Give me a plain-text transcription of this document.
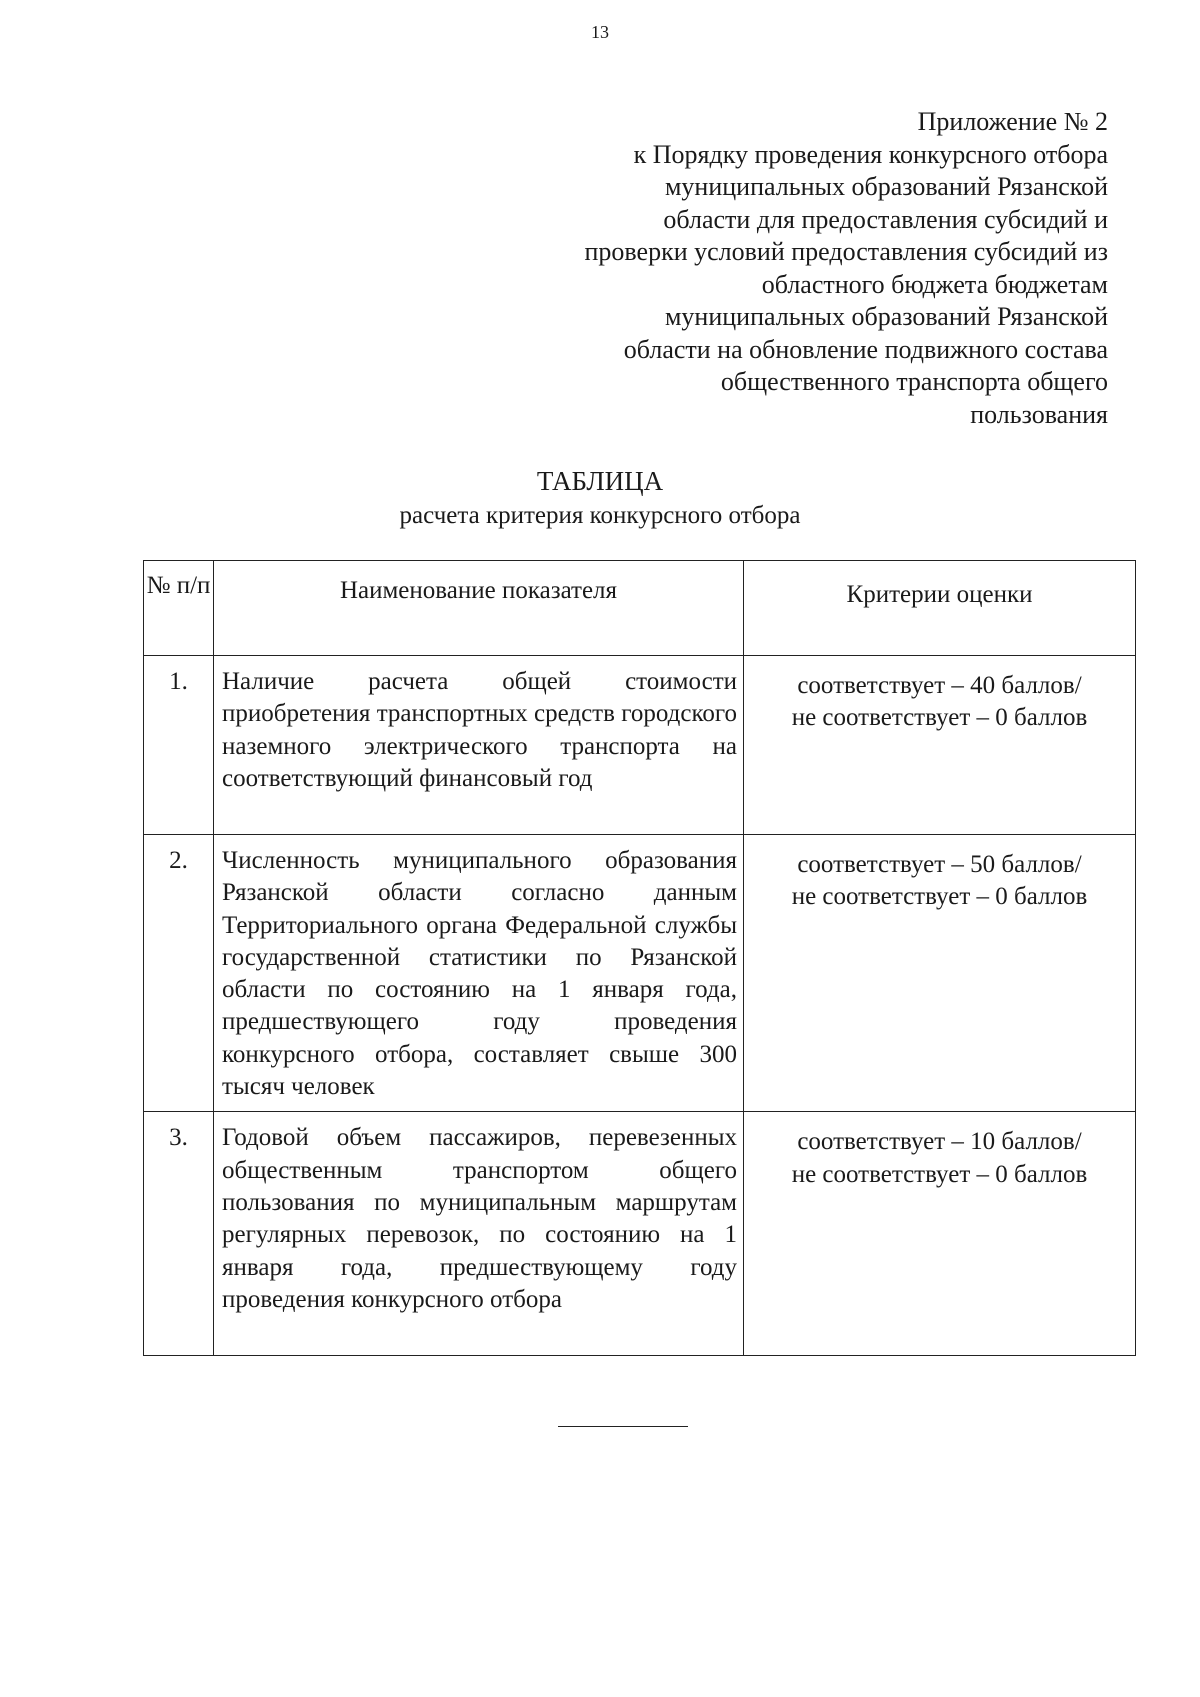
13
Приложение № 2
к Порядку проведения конкурсного отбора
муниципальных образований Рязанской
области для предоставления субсидий и
проверки условий предоставления субсидий из
областного бюджета бюджетам
муниципальных образований Рязанской
области на обновление подвижного состава
общественного транспорта общего
пользования
ТАБЛИЦА
расчета критерия конкурсного отбора
№ п/п	Наименование показателя	Критерии оценки
1.	Наличие расчета общей стоимости приобретения транспортных средств городского наземного электрического транспорта на соответствующий финансовый год	соответствует – 40 баллов/
не соответствует – 0 баллов

2.	Численность муниципального образования Рязанской области согласно данным Территориального органа Федеральной службы государственной статистики по Рязанской области по состоянию на 1 января года, предшествующего году проведения конкурсного отбора, составляет свыше 300 тысяч человек	соответствует – 50 баллов/
не соответствует – 0 баллов

3.	Годовой объем пассажиров, перевезенных общественным транспортом общего пользования по муниципальным маршрутам регулярных перевозок, по состоянию на 1 января года, предшествующему году проведения конкурсного отбора	соответствует – 10 баллов/
не соответствует – 0 баллов
